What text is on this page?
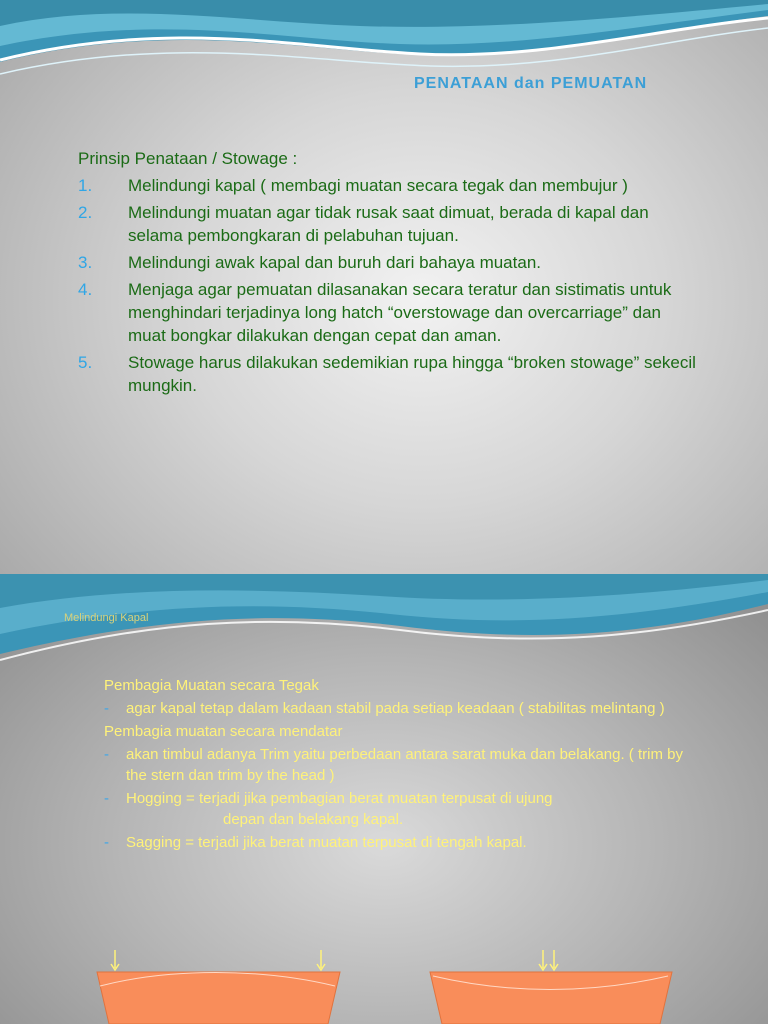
PENATAAN dan PEMUATAN
Prinsip Penataan / Stowage :
1. Melindungi kapal ( membagi muatan secara tegak dan membujur )
2. Melindungi muatan agar tidak rusak saat dimuat, berada di kapal dan selama pembongkaran di pelabuhan tujuan.
3. Melindungi awak kapal dan buruh dari bahaya muatan.
4. Menjaga agar pemuatan dilasanakan secara teratur dan sistimatis untuk menghindari terjadinya long hatch “overstowage dan overcarriage” dan muat bongkar dilakukan dengan cepat dan aman.
5. Stowage harus dilakukan sedemikian rupa hingga “broken stowage” sekecil mungkin.
Melindungi Kapal
Pembagia Muatan secara Tegak
- agar kapal tetap dalam kadaan stabil pada setiap keadaan ( stabilitas melintang )
Pembagia muatan secara mendatar
- akan timbul adanya Trim yaitu perbedaan antara sarat muka dan belakang. ( trim by the stern dan trim by the head )
- Hogging = terjadi jika pembagian berat muatan terpusat di ujung
depan dan belakang kapal.
- Sagging = terjadi jika berat muatan terpusat di tengah kapal.
